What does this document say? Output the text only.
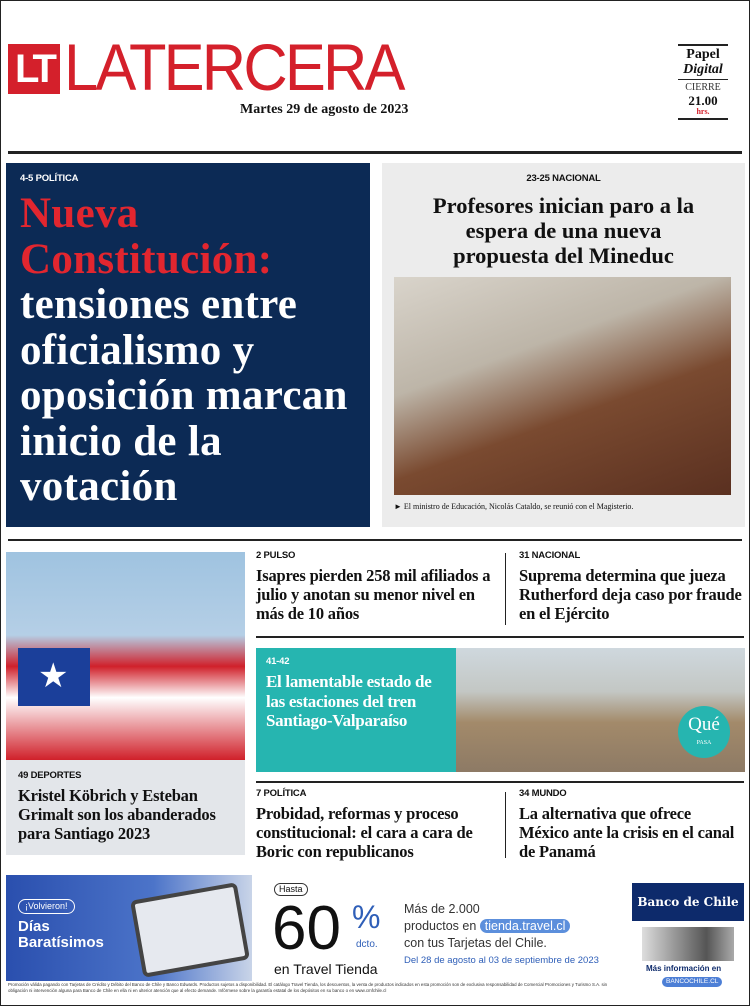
LT LATERCERA
Martes 29 de agosto de 2023
Papel
Digital
CIERRE
21.00
hrs.
4-5 POLÍTICA
Nueva Constitución:
tensiones entre oficialismo y oposición marcan inicio de la votación
23-25 NACIONAL
Profesores inician paro a la espera de una nueva propuesta del Mineduc
► El ministro de Educación, Nicolás Cataldo, se reunió con el Magisterio.
★
49 DEPORTES
Kristel Köbrich y Esteban Grimalt son los abanderados para Santiago 2023
2 PULSO
Isapres pierden 258 mil afiliados a julio y anotan su menor nivel en más de 10 años
31 NACIONAL
Suprema determina que jueza Rutherford deja caso por fraude en el Ejército
41-42
El lamentable estado de las estaciones del tren Santiago-Valparaíso	Qué
PASA
7 POLÍTICA
Probidad, reformas y proceso constitucional: el cara a cara de Boric con republicanos
34 MUNDO
La alternativa que ofrece México ante la crisis en el canal de Panamá
¡Volvieron!
Días
Baratísimos
Hasta
60 %
dcto.
en Travel Tienda
Más de 2.000
productos en tienda.travel.cl
con tus Tarjetas del Chile.
Del 28 de agosto al 03 de septiembre de 2023
Banco de Chile
Más información en
BANCOCHILE.CL
Promoción válida pagando con Tarjetas de Crédito y Débito del Banco de Chile y Banco Edwards. Productos sujetos a disponibilidad. El catálogo Travel Tienda, los descuentos, la venta de productos indicados en esta promoción son de exclusiva responsabilidad de Comercial Promociones y Turismo S.A. sin obligación ni intervención alguna para Banco de Chile en ella ni en ulterior atención que al efecto demande. Infórmese sobre la garantía estatal de los depósitos en su banco o en www.cmfchile.cl
